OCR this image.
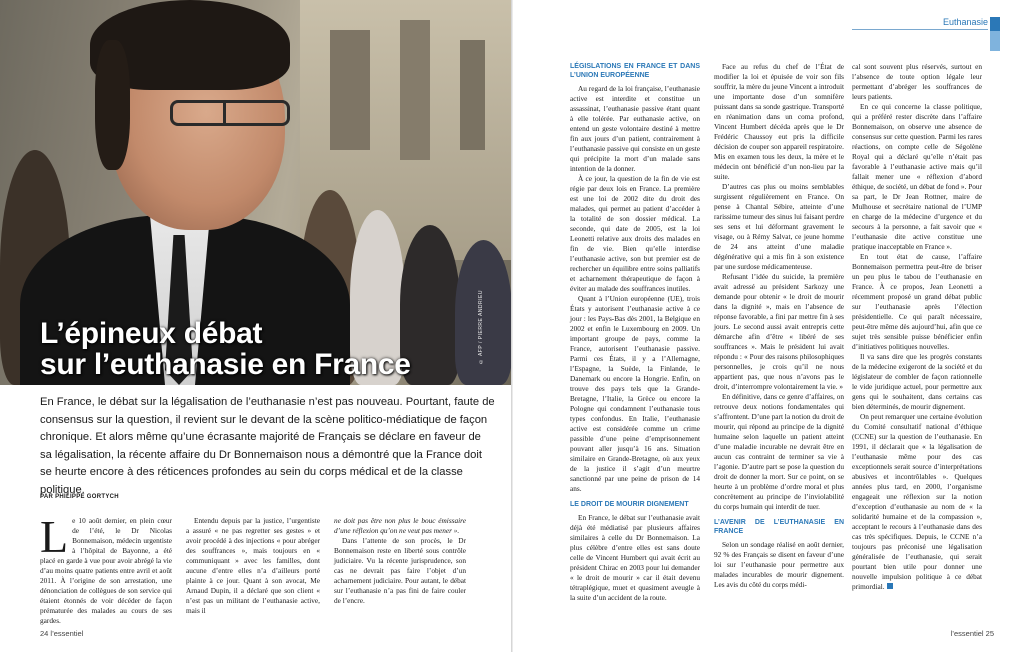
© AFP / PIERRE ANDRIEU
L’épineux débat
sur l’euthanasie en France
En France, le débat sur la légalisation de l’euthanasie n’est pas nouveau. Pourtant, faute de consensus sur la question, il revient sur le devant de la scène politico-médiatique de façon chronique. Et alors même qu’une écrasante majorité de Français se déclare en faveur de sa légalisation, la récente affaire du Dr Bonnemaison nous a démontré que la France doit se heurte encore à des réticences profondes au sein du corps médical et de la classe politique.
PAR PHILIPPE GORTYCH

Le 10 août dernier, en plein cœur de l’été, le Dr Nicolas Bonnemaison, médecin urgentiste à l’hôpital de Bayonne, a été placé en garde à vue pour avoir abrégé la vie d’au moins quatre patients entre avril et août 2011. À l’origine de son arrestation, une dénonciation de collègues de son service qui étaient étonnés de voir décéder de façon prématurée des malades au cours de ses gardes.

Entendu depuis par la justice, l’urgentiste a assuré « ne pas regretter ses gestes » et avoir procédé à des injections « pour abréger des souffrances », mais toujours en « communiquant » avec les familles, dont aucune d’entre elles n’a d’ailleurs porté plainte à ce jour. Quant à son avocat, Me Arnaud Dupin, il a déclaré que son client « n’est pas un militant de l’euthanasie active, mais il

ne doit pas être non plus le bouc émissaire d’une réflexion qu’on ne veut pas mener ».

Dans l’attente de son procès, le Dr Bonnemaison reste en liberté sous contrôle judiciaire. Vu la récente jurisprudence, son cas ne devrait pas faire l’objet d’un acharnement judiciaire. Pour autant, le débat sur l’euthanasie n’a pas fini de faire couler de l’encre.

24 l’essentiel
Euthanasie
LÉGISLATIONS EN FRANCE ET DANS L’UNION EUROPÉENNE

Au regard de la loi française, l’euthanasie active est interdite et constitue un assassinat, l’euthanasie passive étant quant à elle tolérée. Par euthanasie active, on entend un geste volontaire destiné à mettre fin aux jours d’un patient, contrairement à l’euthanasie passive qui consiste en un geste qui précipite la mort d’un malade sans intention de la donner.

À ce jour, la question de la fin de vie est régie par deux lois en France. La première est une loi de 2002 dite du droit des malades, qui permet au patient d’accéder à la totalité de son dossier médical. La seconde, qui date de 2005, est la loi Leonetti relative aux droits des malades en fin de vie. Bien qu’elle interdise l’euthanasie active, son but premier est de rechercher un équilibre entre soins palliatifs et acharnement thérapeutique de façon à éviter au malade des souffrances inutiles.

Quant à l’Union européenne (UE), trois États y autorisent l’euthanasie active à ce jour : les Pays-Bas dès 2001, la Belgique en 2002 et enfin le Luxembourg en 2009. Un important groupe de pays, comme la France, autorisent l’euthanasie passive. Parmi ces États, il y a l’Allemagne, l’Espagne, la Suède, la Finlande, le Danemark ou encore la Hongrie. Enfin, on trouve des pays tels que la Grande-Bretagne, l’Italie, la Grèce ou encore la Pologne qui condamnent l’euthanasie tous types confondus. En Italie, l’euthanasie active est considérée comme un crime passible d’une peine d’emprisonnement pouvant aller jusqu’à 16 ans. Situation similaire en Grande-Bretagne, où aux yeux de la justice il s’agit d’un meurtre sanctionné par une peine de prison de 14 ans.

LE DROIT DE MOURIR DIGNEMENT

En France, le débat sur l’euthanasie avait déjà été médiatisé par plusieurs affaires similaires à celle du Dr Bonnemaison. La plus célèbre d’entre elles est sans doute celle de Vincent Humbert qui avait écrit au président Chirac en 2003 pour lui demander « le droit de mourir » car il était devenu tétraplégique, muet et quasiment aveugle à la suite d’un accident de la route.

Face au refus du chef de l’État de modifier la loi et épuisée de voir son fils souffrir, la mère du jeune Vincent a introduit une importante dose d’un somnifère puissant dans sa sonde gastrique. Transporté en réanimation dans un coma profond, Vincent Humbert décéda après que le Dr Frédéric Chaussoy eut pris la difficile décision de couper son appareil respiratoire. Mis en examen tous les deux, la mère et le médecin ont bénéficié d’un non-lieu par la suite.

D’autres cas plus ou moins semblables surgissent régulièrement en France. On pense à Chantal Sébire, atteinte d’une rarissime tumeur des sinus lui faisant perdre ses sens et lui déformant gravement le visage, ou à Rémy Salvat, ce jeune homme de 24 ans atteint d’une maladie dégénérative qui a mis fin à son existence par une surdose médicamenteuse.

Refusant l’idée du suicide, la première avait adressé au président Sarkozy une demande pour obtenir « le droit de mourir dans la dignité », mais en l’absence de réponse favorable, a fini par mettre fin à ses jours. Le second aussi avait entrepris cette démarche afin d’être « libéré de ses souffrances ». Mais le président lui avait répondu : « Pour des raisons philosophiques personnelles, je crois qu’il ne nous appartient pas, que nous n’avons pas le droit, d’interrompre volontairement la vie. »

En définitive, dans ce genre d’affaires, on retrouve deux notions fondamentales qui s’affrontent. D’une part la notion du droit de mourir, qui répond au principe de la dignité humaine selon laquelle un patient atteint d’une maladie incurable ne devrait être en aucun cas contraint de terminer sa vie à l’agonie. D’autre part se pose la question du droit de donner la mort. Sur ce point, on se heurte à un problème d’ordre moral et plus concrètement au principe de l’inviolabilité du corps humain qui interdit de tuer.

L’AVENIR DE L’EUTHANASIE EN FRANCE

Selon un sondage réalisé en août dernier, 92 % des Français se disent en faveur d’une loi sur l’euthanasie pour permettre aux malades incurables de mourir dignement. Les avis du côté du corps médi-

cal sont souvent plus réservés, surtout en l’absence de toute option légale leur permettant d’abréger les souffrances de leurs patients.

En ce qui concerne la classe politique, qui a préféré rester discrète dans l’affaire Bonnemaison, on observe une absence de consensus sur cette question. Parmi les rares réactions, on compte celle de Ségolène Royal qui a déclaré qu’elle n’était pas favorable à l’euthanasie active mais qu’il fallait mener une « réflexion d’abord éthique, de société, un débat de fond ». Pour sa part, le Dr Jean Rottner, maire de Mulhouse et secrétaire national de l’UMP en charge de la médecine d’urgence et du secours à la personne, a fait savoir que « l’euthanasie dite active constitue une pratique inacceptable en France ».

En tout état de cause, l’affaire Bonnemaison permettra peut-être de briser un peu plus le tabou de l’euthanasie en France. À ce propos, Jean Leonetti a récemment proposé un grand débat public sur l’euthanasie après l’élection présidentielle. Ce qui paraît nécessaire, peut-être même dès aujourd’hui, afin que ce sujet très sensible puisse bénéficier enfin d’initiatives politiques nouvelles.

Il va sans dire que les progrès constants de la médecine exigeront de la société et du législateur de combler de façon rationnelle le vide juridique actuel, pour permettre aux gens qui le souhaitent, dans certains cas bien déterminés, de mourir dignement.

On peut remarquer une certaine évolution du Comité consultatif national d’éthique (CCNE) sur la question de l’euthanasie. En 1991, il déclarait que « la légalisation de l’euthanasie même pour des cas exceptionnels serait source d’interprétations abusives et incontrôlables ». Quelques années plus tard, en 2000, l’organisme engageait une réflexion sur la notion d’exception d’euthanasie au nom de « la solidarité humaine et de la compassion », acceptant le recours à l’euthanasie dans des cas très spécifiques. Depuis, le CCNE n’a toujours pas préconisé une légalisation généralisée de l’euthanasie, qui serait pourtant bien utile pour donner une nouvelle impulsion politique à ce débat primordial.

l’essentiel 25
